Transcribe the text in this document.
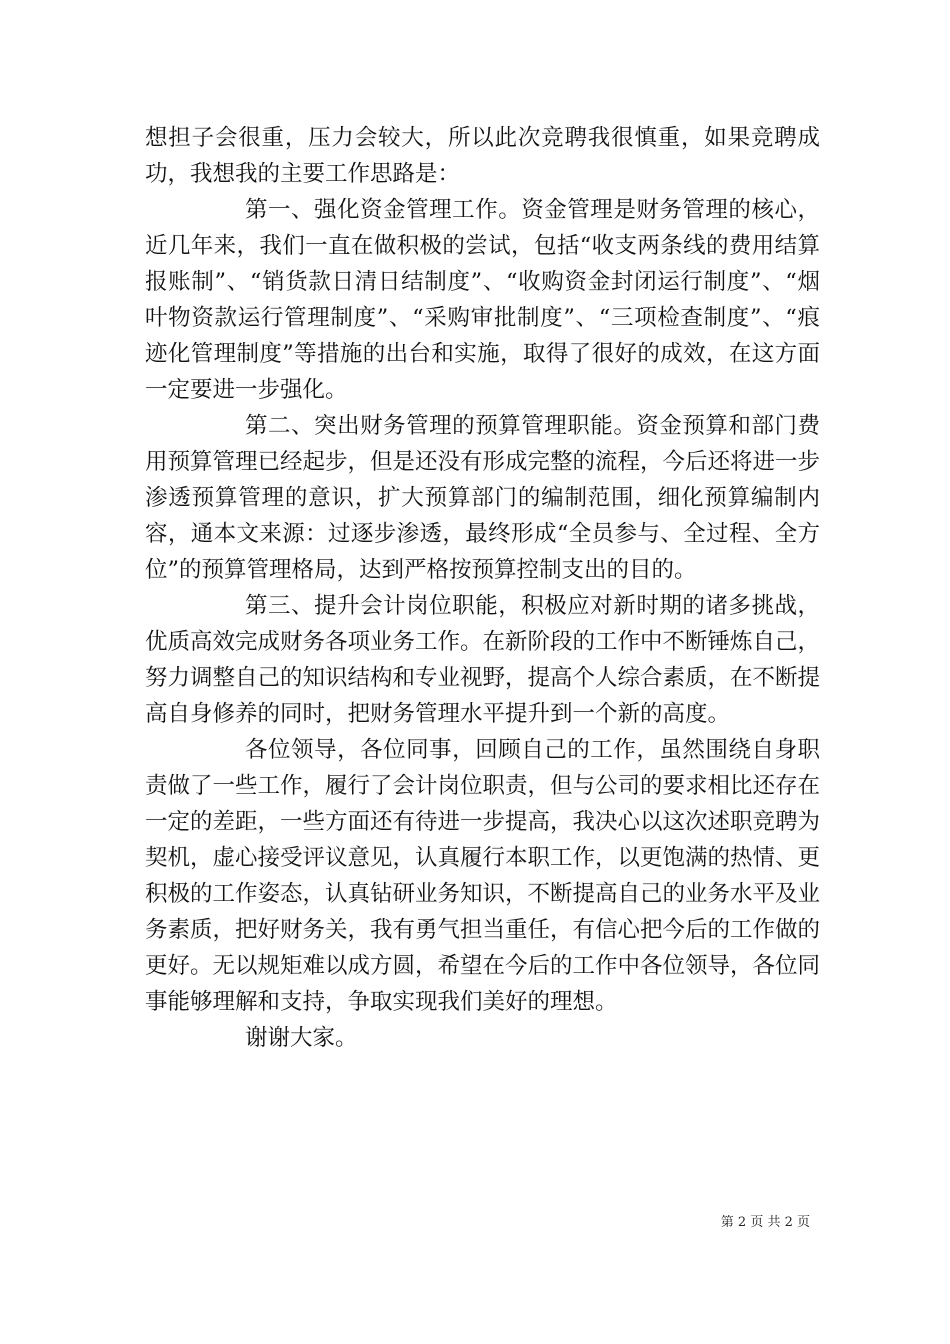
想担子会很重，压力会较大，所以此次竞聘我很慎重，如果竞聘成功，我想我的主要工作思路是：

第一、强化资金管理工作。资金管理是财务管理的核心，近几年来，我们一直在做积极的尝试，包括“收支两条线的费用结算报账制”、“销货款日清日结制度”、“收购资金封闭运行制度”、“烟叶物资款运行管理制度”、“采购审批制度”、“三项检查制度”、“痕迹化管理制度”等措施的出台和实施，取得了很好的成效，在这方面一定要进一步强化。

第二、突出财务管理的预算管理职能。资金预算和部门费用预算管理已经起步，但是还没有形成完整的流程，今后还将进一步渗透预算管理的意识，扩大预算部门的编制范围，细化预算编制内容，通本文来源：过逐步渗透，最终形成“全员参与、全过程、全方位”的预算管理格局，达到严格按预算控制支出的目的。

第三、提升会计岗位职能，积极应对新时期的诸多挑战，优质高效完成财务各项业务工作。在新阶段的工作中不断锤炼自己，努力调整自己的知识结构和专业视野，提高个人综合素质，在不断提高自身修养的同时，把财务管理水平提升到一个新的高度。

各位领导，各位同事，回顾自己的工作，虽然围绕自身职责做了一些工作，履行了会计岗位职责，但与公司的要求相比还存在一定的差距，一些方面还有待进一步提高，我决心以这次述职竞聘为契机，虚心接受评议意见，认真履行本职工作，以更饱满的热情、更积极的工作姿态，认真钻研业务知识，不断提高自己的业务水平及业务素质，把好财务关，我有勇气担当重任，有信心把今后的工作做的更好。无以规矩难以成方圆，希望在今后的工作中各位领导，各位同事能够理解和支持，争取实现我们美好的理想。

谢谢大家。

第 2 页 共 2 页
